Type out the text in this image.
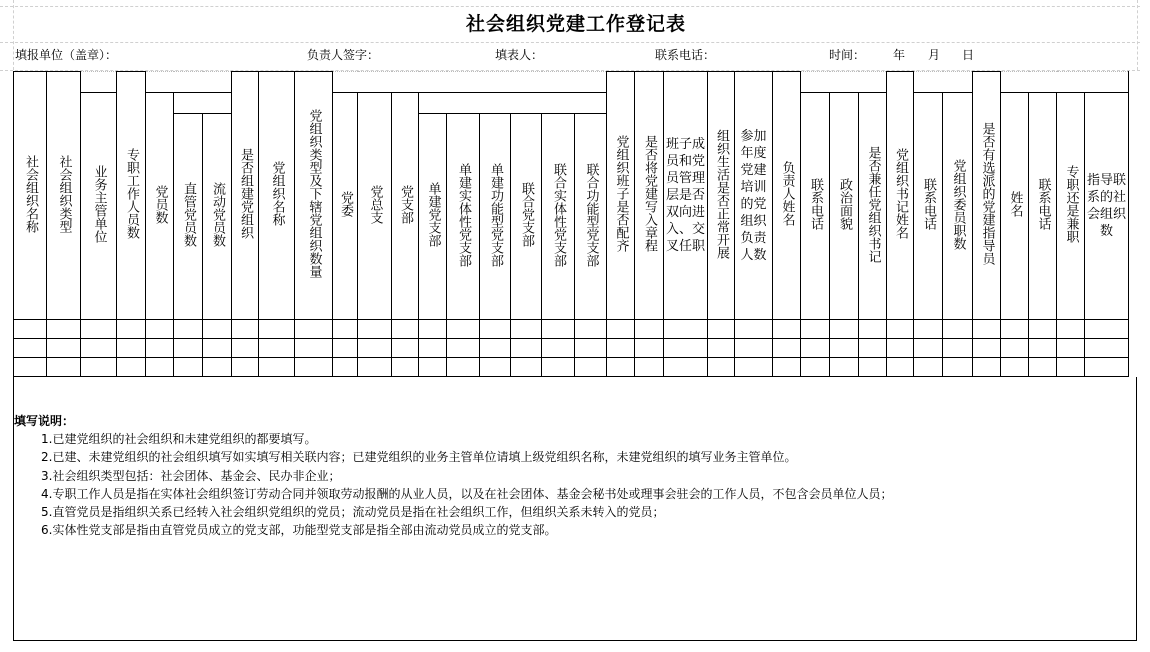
社会组织党建工作登记表
填报单位（盖章）：	负责人签字：	填表人：	联系电话：	时间： 年 月 日
社会组织名称	社会组织类型		专职工作人员数				是否组建党组织	党组织名称	党组织类型及下辖党组织数量										党组织班子是否配齐	是否将党建写入章程	班子成员和党员管理层是否双向进入、交叉任职	组织生活是否正常开展	参加年度党建培训的党组织负责人数	负责人姓名				党组织书记姓名			是否有选派的党建指导员				
		业务主管单位		党员数						党委	党总支	党支部													联系电话	政治面貌	是否兼任党组织书记		联系电话	党组织委员职数		姓名	联系电话	专职还是兼职	指导联系的社会组织数
					直管党员数	流动党员数							单建党支部	单建实体性党支部	单建功能型党支部	联合党支部	联合实体性党支部	联合功能型党支部																	

填写说明：
1.已建党组织的社会组织和未建党组织的都要填写。
2.已建、未建党组织的社会组织填写如实填写相关联内容；已建党组织的业务主管单位请填上级党组织名称，未建党组织的填写业务主管单位。
3.社会组织类型包括：社会团体、基金会、民办非企业；
4.专职工作人员是指在实体社会组织签订劳动合同并领取劳动报酬的从业人员，以及在社会团体、基金会秘书处或理事会驻会的工作人员，不包含会员单位人员；
5.直管党员是指组织关系已经转入社会组织党组织的党员；流动党员是指在社会组织工作，但组织关系未转入的党员；
6.实体性党支部是指由直管党员成立的党支部，功能型党支部是指全部由流动党员成立的党支部。
